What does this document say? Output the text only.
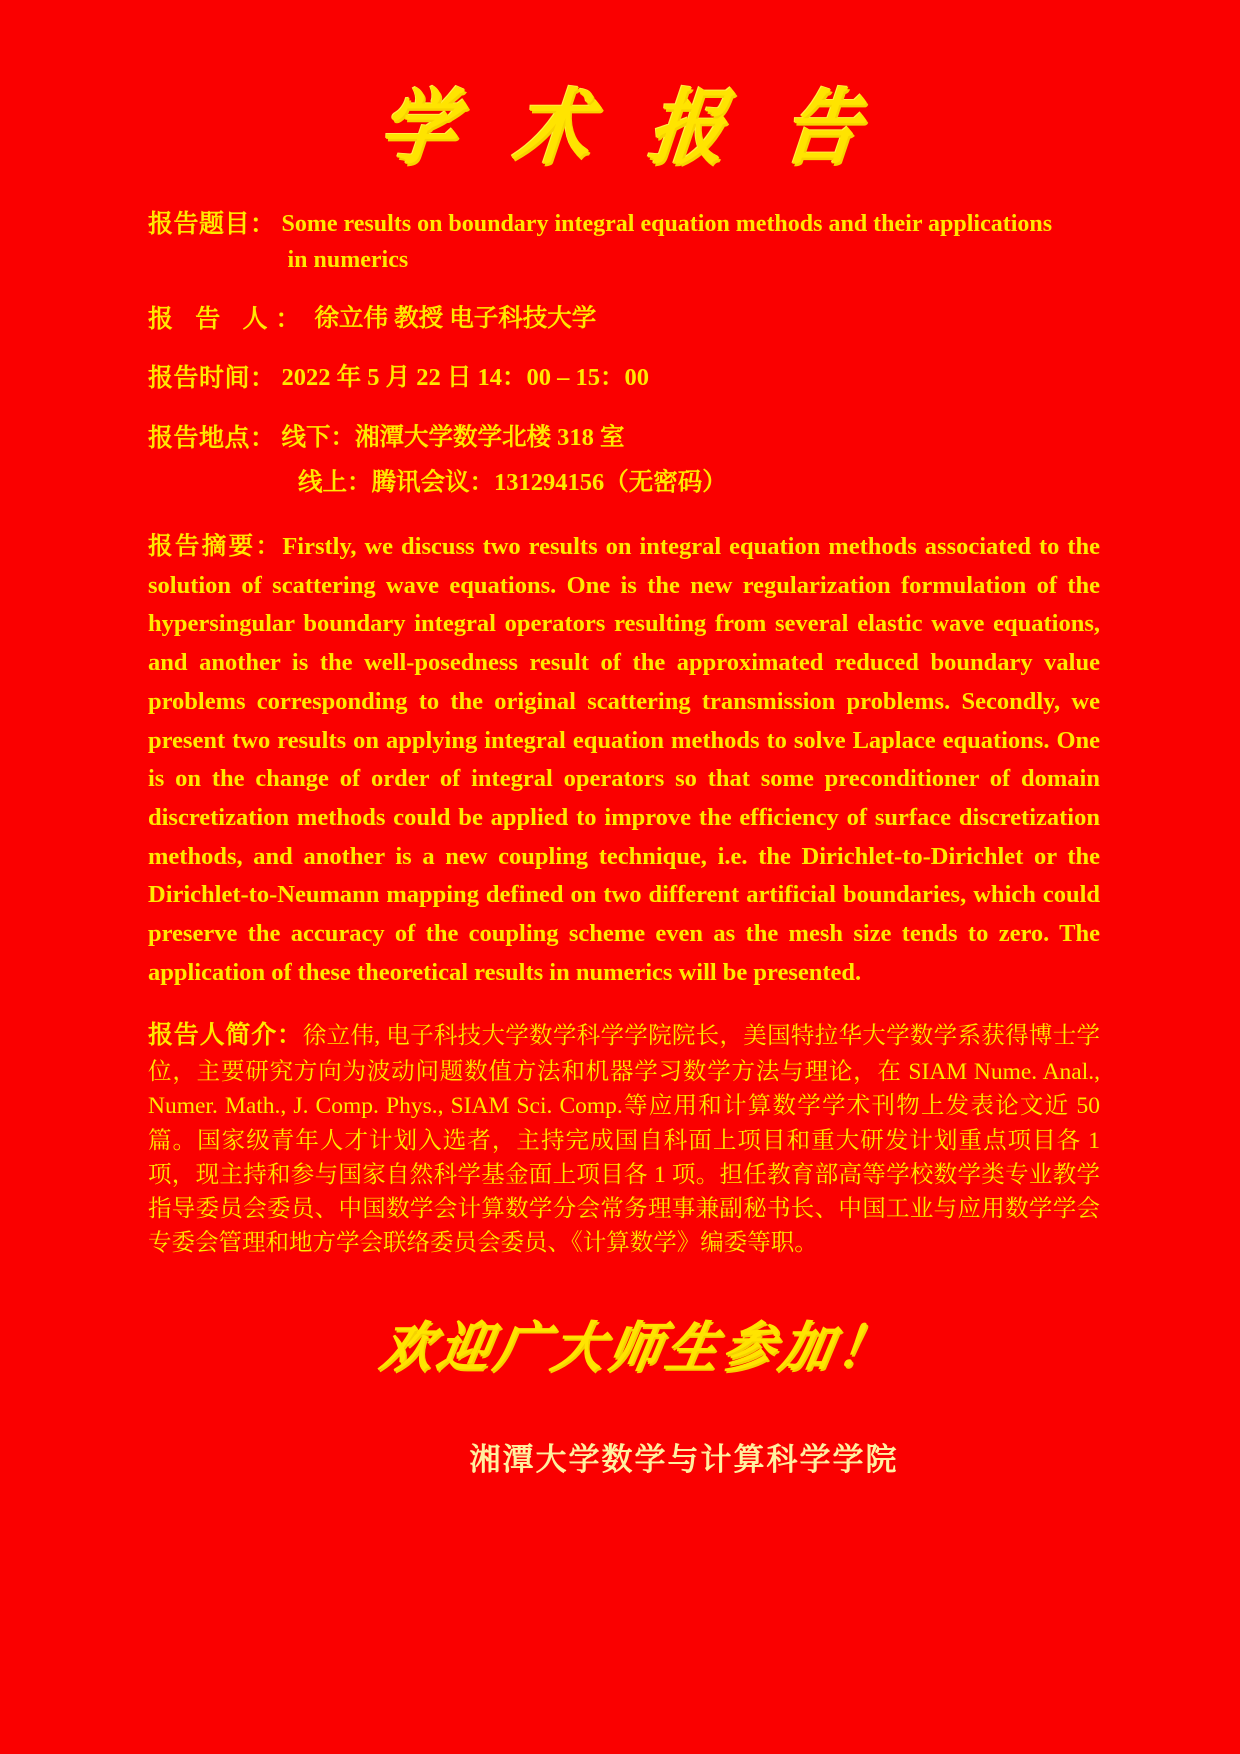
学 术 报 告
报告题目： Some results on boundary integral equation methods and their applications
in numerics
报 告 人： 徐立伟 教授 电子科技大学
报告时间： 2022 年 5 月 22 日 14：00 – 15：00
报告地点： 线下：湘潭大学数学北楼 318 室
线上：腾讯会议：131294156（无密码）
报告摘要：Firstly, we discuss two results on integral equation methods associated to the solution of scattering wave equations. One is the new regularization formulation of the hypersingular boundary integral operators resulting from several elastic wave equations, and another is the well-posedness result of the approximated reduced boundary value problems corresponding to the original scattering transmission problems. Secondly, we present two results on applying integral equation methods to solve Laplace equations. One is on the change of order of integral operators so that some preconditioner of domain discretization methods could be applied to improve the efficiency of surface discretization methods, and another is a new coupling technique, i.e. the Dirichlet-to-Dirichlet or the Dirichlet-to-Neumann mapping defined on two different artificial boundaries, which could preserve the accuracy of the coupling scheme even as the mesh size tends to zero. The application of these theoretical results in numerics will be presented.
报告人简介：徐立伟, 电子科技大学数学科学学院院长，美国特拉华大学数学系获得博士学位，主要研究方向为波动问题数值方法和机器学习数学方法与理论，在 SIAM Nume. Anal., Numer. Math., J. Comp. Phys., SIAM Sci. Comp.等应用和计算数学学术刊物上发表论文近 50 篇。国家级青年人才计划入选者，主持完成国自科面上项目和重大研发计划重点项目各 1 项，现主持和参与国家自然科学基金面上项目各 1 项。担任教育部高等学校数学类专业教学指导委员会委员、中国数学会计算数学分会常务理事兼副秘书长、中国工业与应用数学学会专委会管理和地方学会联络委员会委员、《计算数学》编委等职。
欢迎广大师生参加！
湘潭大学数学与计算科学学院
